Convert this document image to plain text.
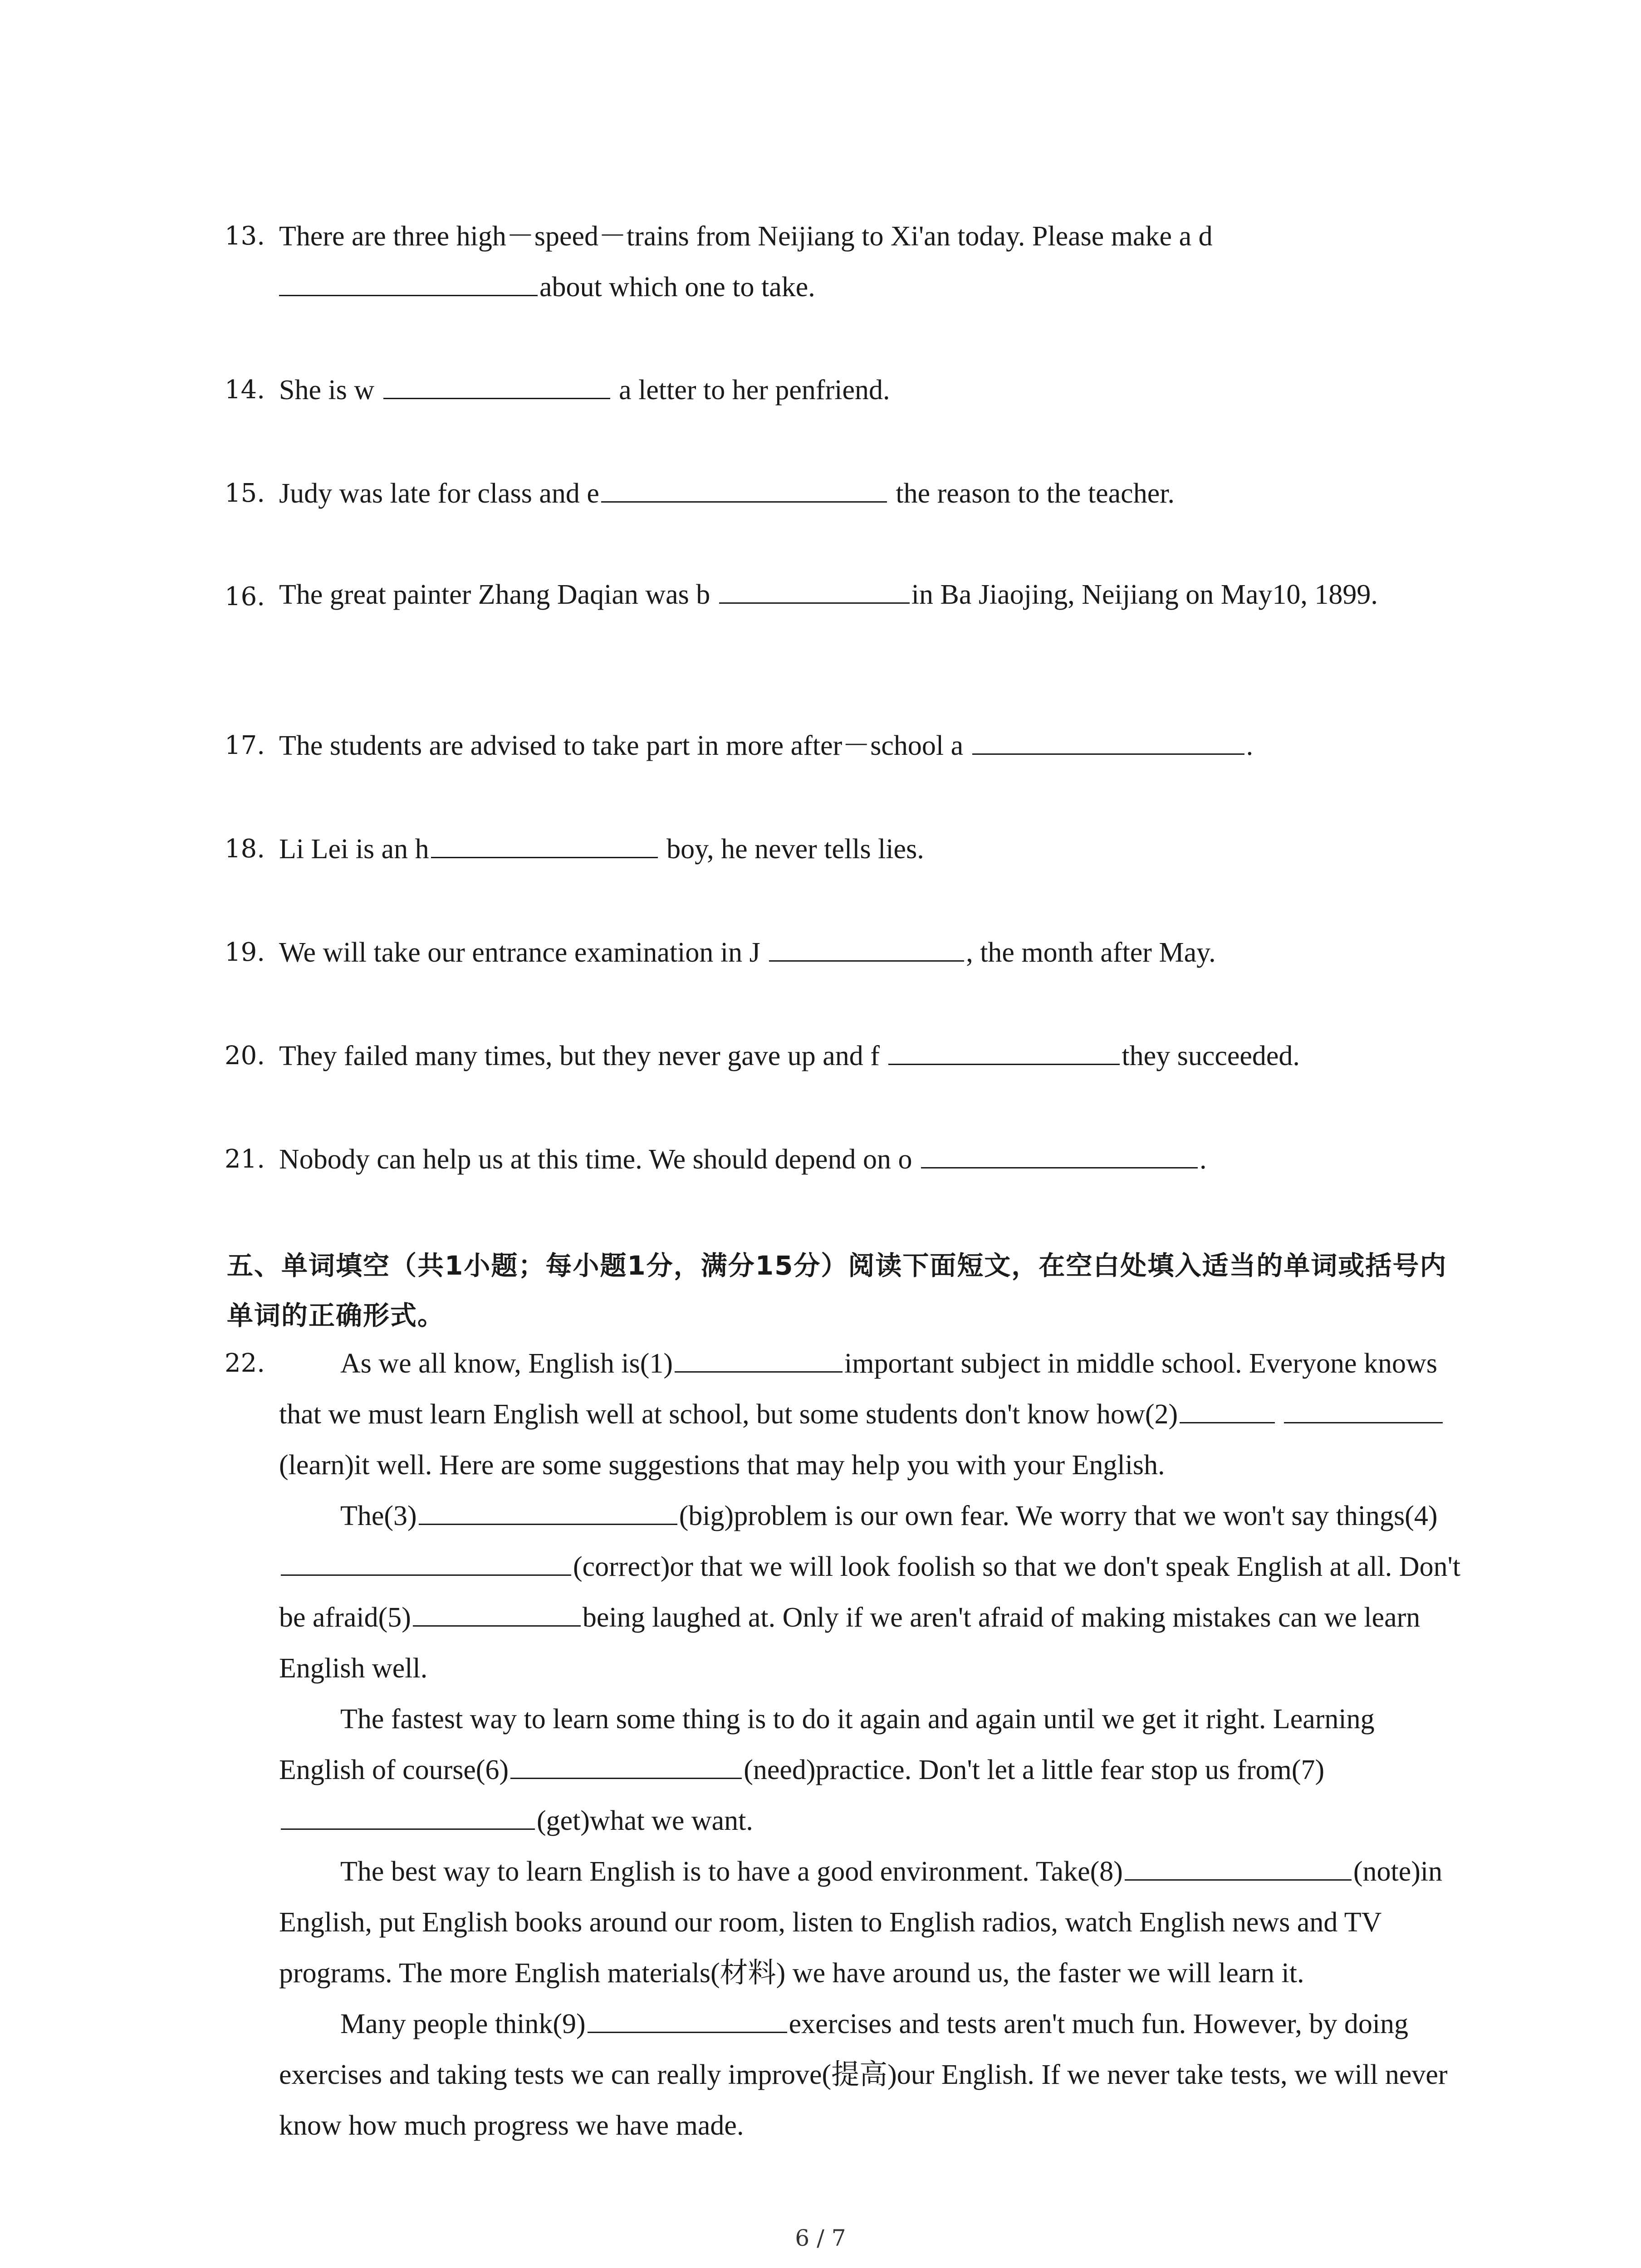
13. There are three high－speed－trains from Neijiang to Xi'an today. Please make a d
about which one to take.
14. She is w	a letter to her penfriend.
15. Judy was late for class and e	the reason to the teacher.
16. The great painter Zhang Daqian was b	in Ba Jiaojing, Neijiang on May10, 1899.
17. The students are advised to take part in more after－school a	.
18. Li Lei is an h	boy, he never tells lies.
19. We will take our entrance examination in J	, the month after May.
20. They failed many times, but they never gave up and f	they succeeded.
21. Nobody can help us at this time. We should depend on o	.
五、单词填空（共1小题；每小题1分，满分15分）阅读下面短文，在空白处填入适当的单词或括号内单词的正确形式。
22.	As we all know, English is(1)	important subject in middle school. Everyone knows that we must learn English well at school, but some students don't know how(2) (learn)it well. Here are some suggestions that may help you with your English.

The(3)	(big)problem is our own fear. We worry that we won't say things(4)(correct)or that we will look foolish so that we don't speak English at all. Don't be afraid(5)	being laughed at. Only if we aren't afraid of making mistakes can we learn English well.

The fastest way to learn some thing is to do it again and again until we get it right. Learning English of course(6)	(need)practice. Don't let a little fear stop us from(7)(get)what we want.

The best way to learn English is to have a good environment. Take(8)	(note)in English, put English books around our room, listen to English radios, watch English news and TV programs. The more English materials(材料) we have around us, the faster we will learn it.

Many people think(9)	exercises and tests aren't much fun. However, by doing exercises and taking tests we can really improve(提高)our English. If we never take tests, we will never know how much progress we have made.

6 / 7
